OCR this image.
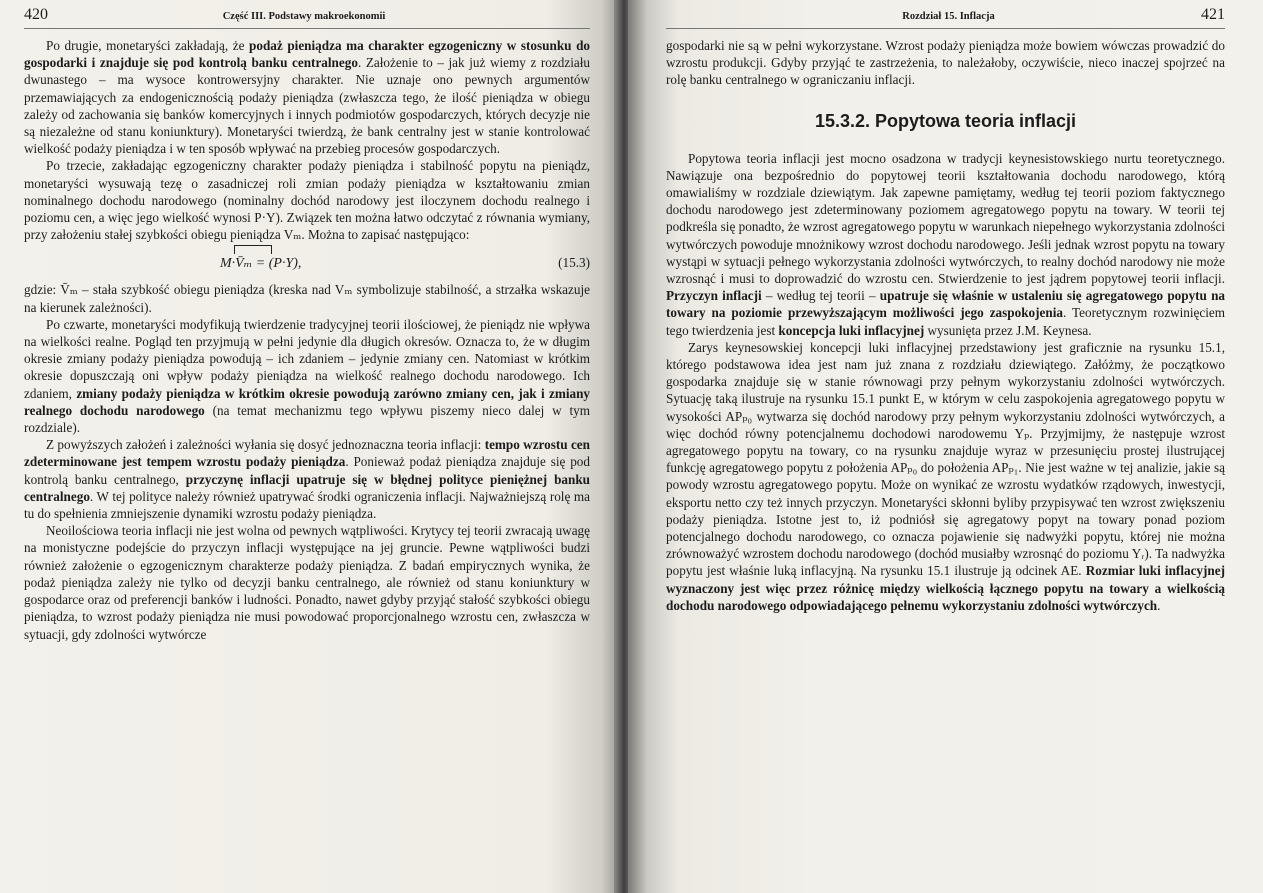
420	Część III. Podstawy makroekonomii

Po drugie, monetaryści zakładają, że podaż pieniądza ma charakter egzogeniczny w stosunku do gospodarki i znajduje się pod kontrolą banku centralnego. Założenie to – jak już wiemy z rozdziału dwunastego – ma wysoce kontrowersyjny charakter. Nie uznaje ono pewnych argumentów przemawiających za endogenicznością podaży pieniądza (zwłaszcza tego, że ilość pieniądza w obiegu zależy od zachowania się banków komercyjnych i innych podmiotów gospodarczych, których decyzje nie są niezależne od stanu koniunktury). Monetaryści twierdzą, że bank centralny jest w stanie kontrolować wielkość podaży pieniądza i w ten sposób wpływać na przebieg procesów gospodarczych.

Po trzecie, zakładając egzogeniczny charakter podaży pieniądza i stabilność popytu na pieniądz, monetaryści wysuwają tezę o zasadniczej roli zmian podaży pieniądza w kształtowaniu zmian nominalnego dochodu narodowego (nominalny dochód narodowy jest iloczynem dochodu realnego i poziomu cen, a więc jego wielkość wynosi P·Y). Związek ten można łatwo odczytać z równania wymiany, przy założeniu stałej szybkości obiegu pieniądza Vₘ. Można to zapisać następująco:

M·V̄ₘ = (P·Y),	(15.3)

gdzie: V̄ₘ – stała szybkość obiegu pieniądza (kreska nad Vₘ symbolizuje stabilność, a strzałka wskazuje na kierunek zależności).

Po czwarte, monetaryści modyfikują twierdzenie tradycyjnej teorii ilościowej, że pieniądz nie wpływa na wielkości realne. Pogląd ten przyjmują w pełni jedynie dla długich okresów. Oznacza to, że w długim okresie zmiany podaży pieniądza powodują – ich zdaniem – jedynie zmiany cen. Natomiast w krótkim okresie dopuszczają oni wpływ podaży pieniądza na wielkość realnego dochodu narodowego. Ich zdaniem, zmiany podaży pieniądza w krótkim okresie powodują zarówno zmiany cen, jak i zmiany realnego dochodu narodowego (na temat mechanizmu tego wpływu piszemy nieco dalej w tym rozdziale).

Z powyższych założeń i zależności wyłania się dosyć jednoznaczna teoria inflacji: tempo wzrostu cen zdeterminowane jest tempem wzrostu podaży pieniądza. Ponieważ podaż pieniądza znajduje się pod kontrolą banku centralnego, przyczynę inflacji upatruje się w błędnej polityce pieniężnej banku centralnego. W tej polityce należy również upatrywać środki ograniczenia inflacji. Najważniejszą rolę ma tu do spełnienia zmniejszenie dynamiki wzrostu podaży pieniądza.

Neoilościowa teoria inflacji nie jest wolna od pewnych wątpliwości. Krytycy tej teorii zwracają uwagę na monistyczne podejście do przyczyn inflacji występujące na jej gruncie. Pewne wątpliwości budzi również założenie o egzogenicznym charakterze podaży pieniądza. Z badań empirycznych wynika, że podaż pieniądza zależy nie tylko od decyzji banku centralnego, ale również od stanu koniunktury w gospodarce oraz od preferencji banków i ludności. Ponadto, nawet gdyby przyjąć stałość szybkości obiegu pieniądza, to wzrost podaży pieniądza nie musi powodować proporcjonalnego wzrostu cen, zwłaszcza w sytuacji, gdy zdolności wytwórcze

Rozdział 15. Inflacja	421

gospodarki nie są w pełni wykorzystane. Wzrost podaży pieniądza może bowiem wówczas prowadzić do wzrostu produkcji. Gdyby przyjąć te zastrzeżenia, to należałoby, oczywiście, nieco inaczej spojrzeć na rolę banku centralnego w ograniczaniu inflacji.

15.3.2. Popytowa teoria inflacji

Popytowa teoria inflacji jest mocno osadzona w tradycji keynesistowskiego nurtu teoretycznego. Nawiązuje ona bezpośrednio do popytowej teorii kształtowania dochodu narodowego, którą omawialiśmy w rozdziale dziewiątym. Jak zapewne pamiętamy, według tej teorii poziom faktycznego dochodu narodowego jest zdeterminowany poziomem agregatowego popytu na towary. W teorii tej podkreśla się ponadto, że wzrost agregatowego popytu w warunkach niepełnego wykorzystania zdolności wytwórczych powoduje mnożnikowy wzrost dochodu narodowego. Jeśli jednak wzrost popytu na towary wystąpi w sytuacji pełnego wykorzystania zdolności wytwórczych, to realny dochód narodowy nie może wzrosnąć i musi to doprowadzić do wzrostu cen. Stwierdzenie to jest jądrem popytowej teorii inflacji. Przyczyn inflacji – według tej teorii – upatruje się właśnie w ustaleniu się agregatowego popytu na towary na poziomie przewyższającym możliwości jego zaspokojenia. Teoretycznym rozwinięciem tego twierdzenia jest koncepcja luki inflacyjnej wysunięta przez J.M. Keynesa.

Zarys keynesowskiej koncepcji luki inflacyjnej przedstawiony jest graficznie na rysunku 15.1, którego podstawowa idea jest nam już znana z rozdziału dziewiątego. Załóżmy, że początkowo gospodarka znajduje się w stanie równowagi przy pełnym wykorzystaniu zdolności wytwórczych. Sytuację taką ilustruje na rysunku 15.1 punkt E, w którym w celu zaspokojenia agregatowego popytu w wysokości APₚ₀ wytwarza się dochód narodowy przy pełnym wykorzystaniu zdolności wytwórczych, a więc dochód równy potencjalnemu dochodowi narodowemu Yₚ. Przyjmijmy, że następuje wzrost agregatowego popytu na towary, co na rysunku znajduje wyraz w przesunięciu prostej ilustrującej funkcję agregatowego popytu z położenia APₚ₀ do położenia APₚ₁. Nie jest ważne w tej analizie, jakie są powody wzrostu agregatowego popytu. Może on wynikać ze wzrostu wydatków rządowych, inwestycji, eksportu netto czy też innych przyczyn. Monetaryści skłonni byliby przypisywać ten wzrost zwiększeniu podaży pieniądza. Istotne jest to, iż podniósł się agregatowy popyt na towary ponad poziom potencjalnego dochodu narodowego, co oznacza pojawienie się nadwyżki popytu, której nie można zrównoważyć wzrostem dochodu narodowego (dochód musiałby wzrosnąć do poziomu Yᵣ). Ta nadwyżka popytu jest właśnie luką inflacyjną. Na rysunku 15.1 ilustruje ją odcinek AE. Rozmiar luki inflacyjnej wyznaczony jest więc przez różnicę między wielkością łącznego popytu na towary a wielkością dochodu narodowego odpowiadającego pełnemu wykorzystaniu zdolności wytwórczych.
